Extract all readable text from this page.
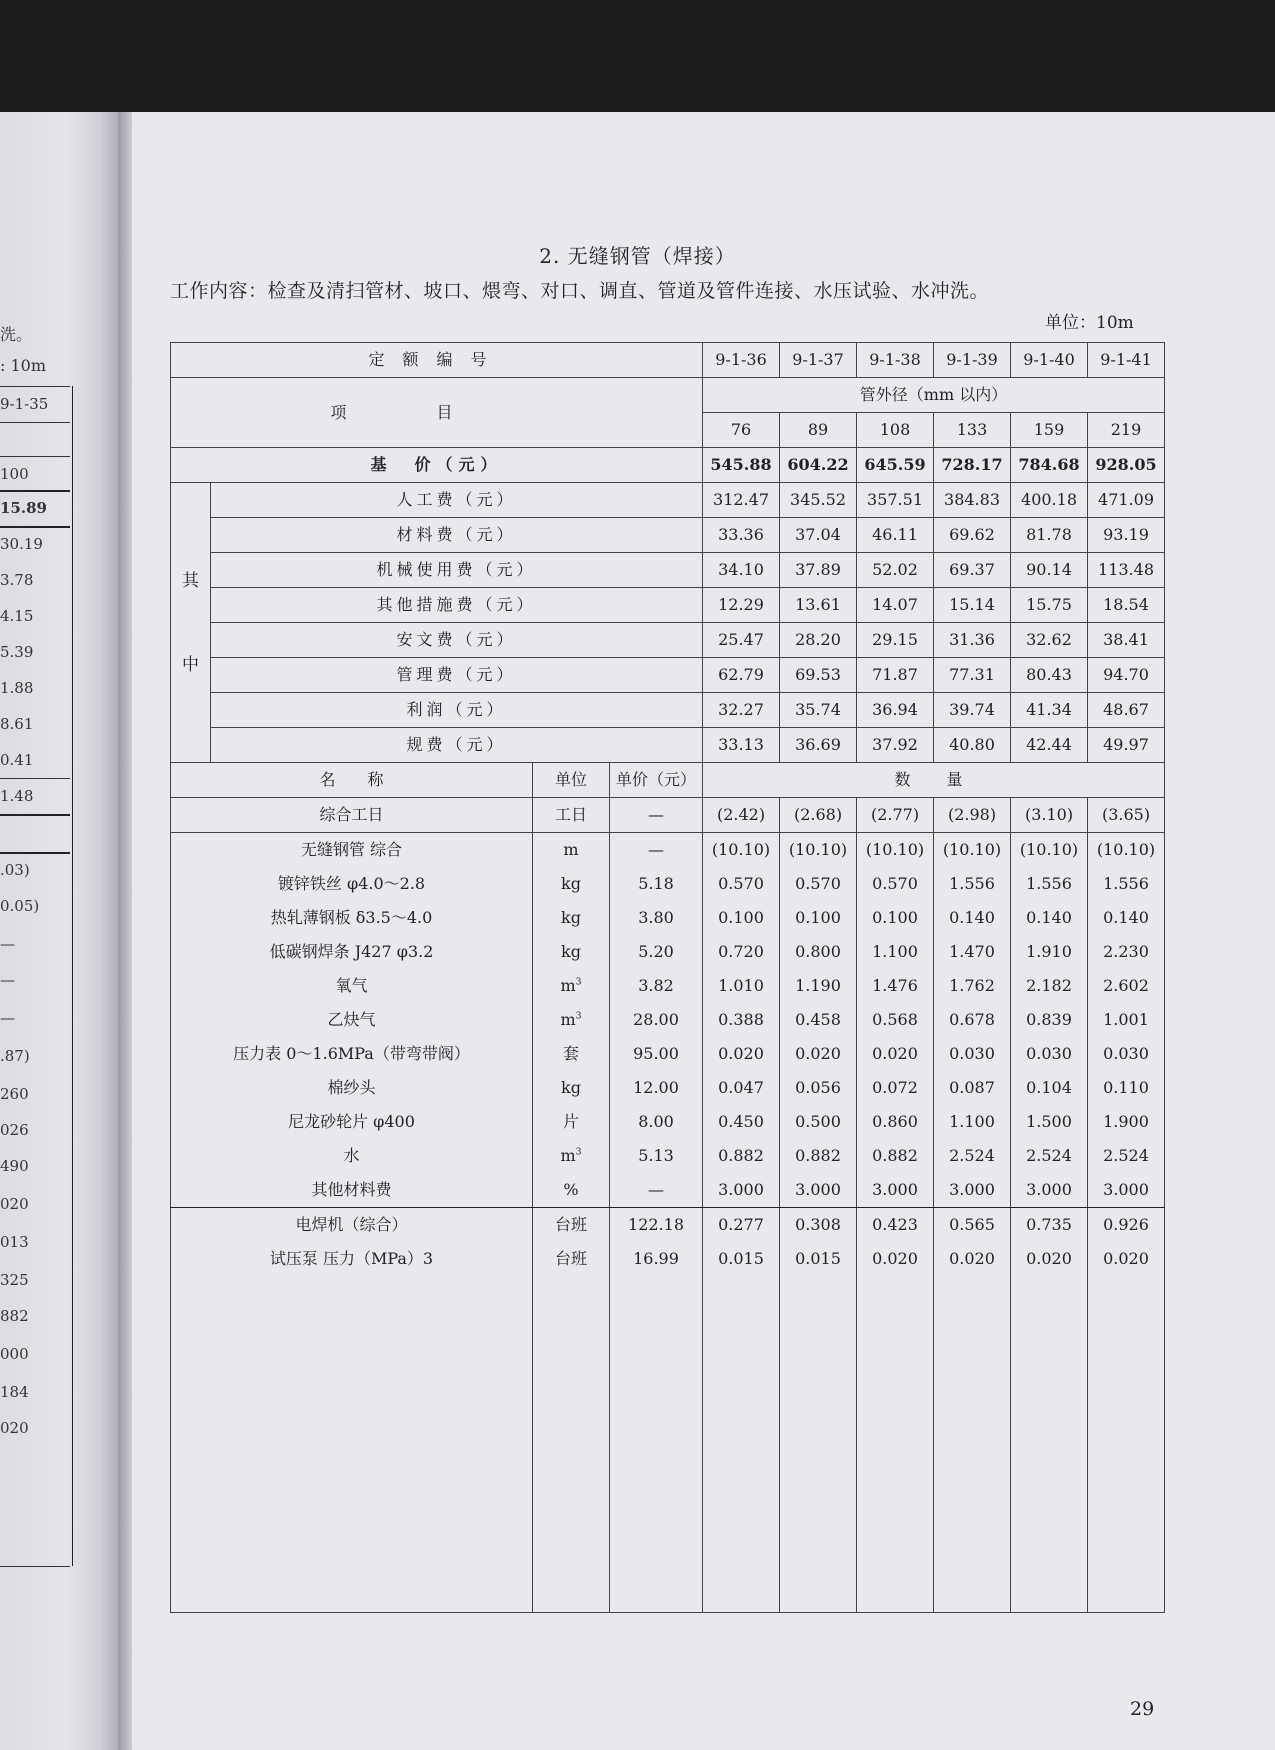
洗。
: 10m
9-1-35
100
15.89
30.19
3.78
4.15
5.39
1.88
8.61
0.41
1.48
.03)
0.05)
—
—
—
.87)
260
026
490
020
013
325
882
000
184
020
2. 无缝钢管（焊接）
工作内容：检查及清扫管材、坡口、煨弯、对口、调直、管道及管件连接、水压试验、水冲洗。
单位：10m
定额编号				9-1-36	9-1-37	9-1-38	9-1-39	9-1-40	9-1-41
项目				管外径（mm 以内）					
				76	89	108	133	159	219
基　价（元）				545.88	604.22	645.59	728.17	784.68	928.05

其
中	人工费（元）			312.47	345.52	357.51	384.83	400.18	471.09
	材料费（元）			33.36	37.04	46.11	69.62	81.78	93.19
	机械使用费（元）			34.10	37.89	52.02	69.37	90.14	113.48
	其他措施费（元）			12.29	13.61	14.07	15.14	15.75	18.54
	安文费（元）			25.47	28.20	29.15	31.36	32.62	38.41
	管理费（元）			62.79	69.53	71.87	77.31	80.43	94.70
	利润（元）			32.27	35.74	36.94	39.74	41.34	48.67
	规费（元）			33.13	36.69	37.92	40.80	42.44	49.97
名　　称		单位	单价（元）	数　量					
综合工日		工日	—	(2.42)	(2.68)	(2.77)	(2.98)	(3.10)	(3.65)
无缝钢管 综合		m	—	(10.10)	(10.10)	(10.10)	(10.10)	(10.10)	(10.10)
镀锌铁丝 φ4.0～2.8		kg	5.18	0.570	0.570	0.570	1.556	1.556	1.556
热轧薄钢板 δ3.5～4.0		kg	3.80	0.100	0.100	0.100	0.140	0.140	0.140
低碳钢焊条 J427 φ3.2		kg	5.20	0.720	0.800	1.100	1.470	1.910	2.230
氧气		$m^3$	3.82	1.010	1.190	1.476	1.762	2.182	2.602
乙炔气		$m^3$	28.00	0.388	0.458	0.568	0.678	0.839	1.001
压力表 0～1.6MPa（带弯带阀）		套	95.00	0.020	0.020	0.020	0.030	0.030	0.030
棉纱头		kg	12.00	0.047	0.056	0.072	0.087	0.104	0.110
尼龙砂轮片 φ400		片	8.00	0.450	0.500	0.860	1.100	1.500	1.900
水		$m^3$	5.13	0.882	0.882	0.882	2.524	2.524	2.524
其他材料费		%	—	3.000	3.000	3.000	3.000	3.000	3.000
电焊机（综合）		台班	122.18	0.277	0.308	0.423	0.565	0.735	0.926
试压泵 压力（MPa）3		台班	16.99	0.015	0.015	0.020	0.020	0.020	0.020

29
